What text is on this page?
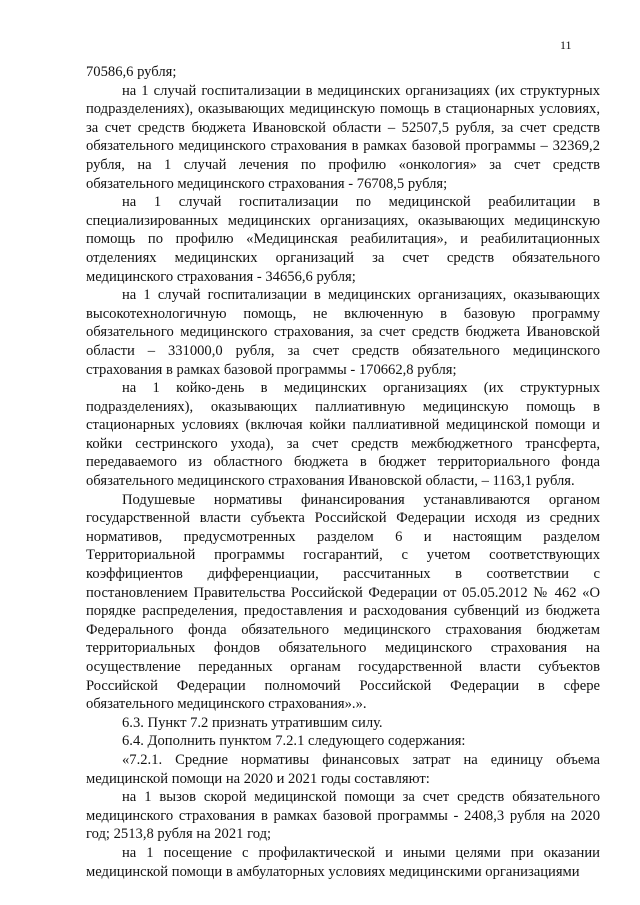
11

70586,6 рубля;

на 1 случай госпитализации в медицинских организациях (их структурных подразделениях), оказывающих медицинскую помощь в стационарных условиях, за счет средств бюджета Ивановской области – 52507,5 рубля, за счет средств обязательного медицинского страхования в рамках базовой программы – 32369,2 рубля, на 1 случай лечения по профилю «онкология» за счет средств обязательного медицинского страхования - 76708,5 рубля;

на 1 случай госпитализации по медицинской реабилитации в специализированных медицинских организациях, оказывающих медицинскую помощь по профилю «Медицинская реабилитация», и реабилитационных отделениях медицинских организаций за счет средств обязательного медицинского страхования - 34656,6 рубля;

на 1 случай госпитализации в медицинских организациях, оказывающих высокотехнологичную помощь, не включенную в базовую программу обязательного медицинского страхования, за счет средств бюджета Ивановской области – 331000,0 рубля, за счет средств обязательного медицинского страхования в рамках базовой программы - 170662,8 рубля;

на 1 койко-день в медицинских организациях (их структурных подразделениях), оказывающих паллиативную медицинскую помощь в стационарных условиях (включая койки паллиативной медицинской помощи и койки сестринского ухода), за счет средств межбюджетного трансферта, передаваемого из областного бюджета в бюджет территориального фонда обязательного медицинского страхования Ивановской области, – 1163,1 рубля.

Подушевые нормативы финансирования устанавливаются органом государственной власти субъекта Российской Федерации исходя из средних нормативов, предусмотренных разделом 6 и настоящим разделом Территориальной программы госгарантий, с учетом соответствующих коэффициентов дифференциации, рассчитанных в соответствии с постановлением Правительства Российской Федерации от 05.05.2012 № 462 «О порядке распределения, предоставления и расходования субвенций из бюджета Федерального фонда обязательного медицинского страхования бюджетам территориальных фондов обязательного медицинского страхования на осуществление переданных органам государственной власти субъектов Российской Федерации полномочий Российской Федерации в сфере обязательного медицинского страхования».».

6.3. Пункт 7.2 признать утратившим силу.

6.4. Дополнить пунктом 7.2.1 следующего содержания:

«7.2.1. Средние нормативы финансовых затрат на единицу объема медицинской помощи на 2020 и 2021 годы составляют:

на 1 вызов скорой медицинской помощи за счет средств обязательного медицинского страхования в рамках базовой программы - 2408,3 рубля на 2020 год; 2513,8 рубля на 2021 год;

на 1 посещение с профилактической и иными целями при оказании медицинской помощи в амбулаторных условиях медицинскими организациями
